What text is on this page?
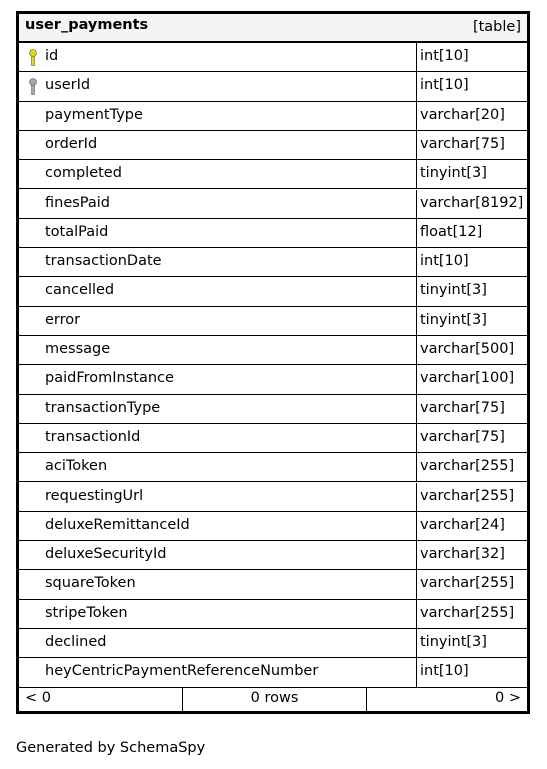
user_payments	[table]
id	int[10]
userId	int[10]
paymentType	varchar[20]
orderId	varchar[75]
completed	tinyint[3]
finesPaid	varchar[8192]
totalPaid	float[12]
transactionDate	int[10]
cancelled	tinyint[3]
error	tinyint[3]
message	varchar[500]
paidFromInstance	varchar[100]
transactionType	varchar[75]
transactionId	varchar[75]
aciToken	varchar[255]
requestingUrl	varchar[255]
deluxeRemittanceId	varchar[24]
deluxeSecurityId	varchar[32]
squareToken	varchar[255]
stripeToken	varchar[255]
declined	tinyint[3]
heyCentricPaymentReferenceNumber	int[10]
< 0	0 rows	0 >
Generated by SchemaSpy
